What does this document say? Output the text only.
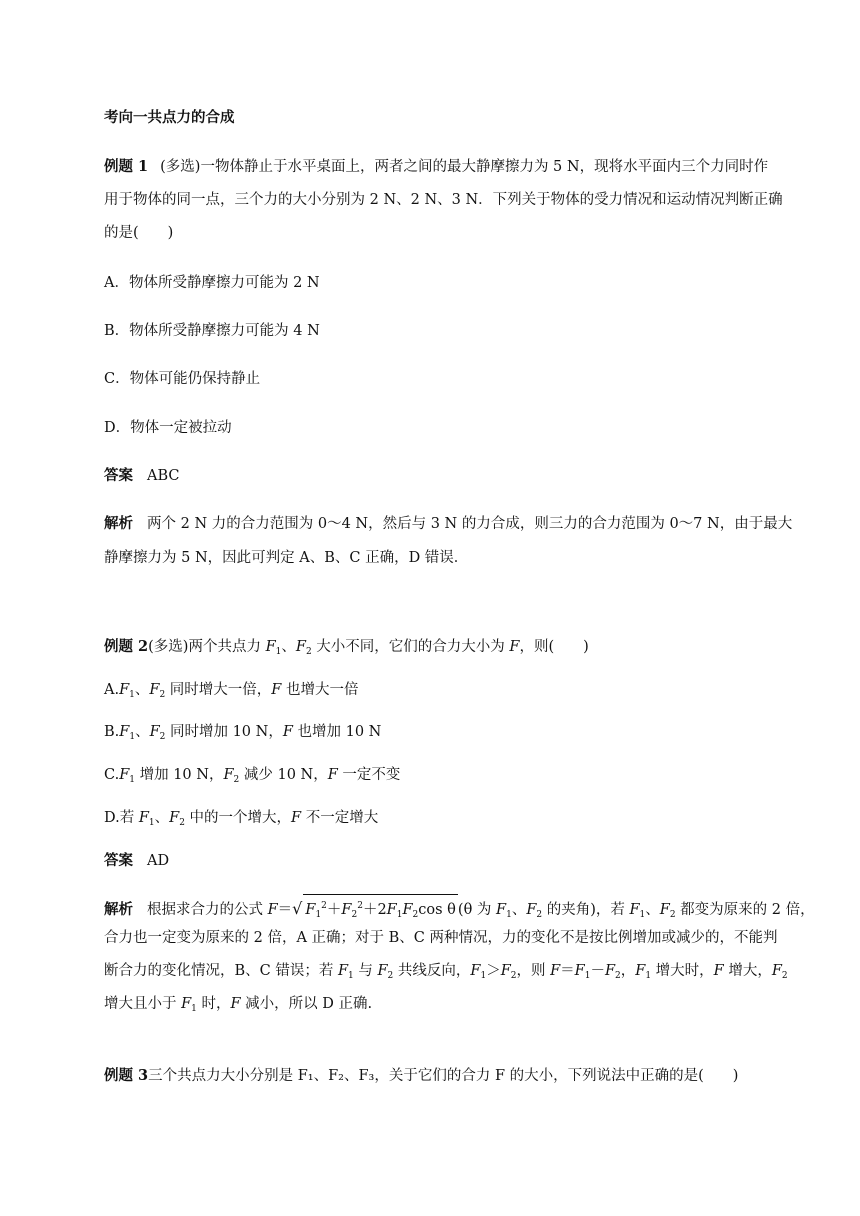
考向一共点力的合成
例题 1 (多选)一物体静止于水平桌面上，两者之间的最大静摩擦力为 5 N，现将水平面内三个力同时作
用于物体的同一点，三个力的大小分别为 2 N、2 N、3 N．下列关于物体的受力情况和运动情况判断正确
的是(　　)
A．物体所受静摩擦力可能为 2 N
B．物体所受静摩擦力可能为 4 N
C．物体可能仍保持静止
D．物体一定被拉动
答案 ABC
解析 两个 2 N 力的合力范围为 0～4 N，然后与 3 N 的力合成，则三力的合力范围为 0～7 N，由于最大
静摩擦力为 5 N，因此可判定 A、B、C 正确，D 错误．
例题 2(多选)两个共点力 $F_1$、$F_2$ 大小不同，它们的合力大小为 F，则(　　)
$A.F_1$、$F_2$ 同时增大一倍，F 也增大一倍
$B.F_1$、$F_2$ 同时增加 10 N，F 也增加 10 N
$C.F_1$ 增加 10 N，$F_2$ 减少 10 N，F 一定不变
D.若 $F_1$、$F_2$ 中的一个增大，F 不一定增大
答案 AD
解析 根据求合力的公式 F＝√ $F_1^2+F_2^2+2F_1F_2\cos$ θ (θ 为 $F_1$、$F_2$ 的夹角)，若 $F_1$、$F_2$ 都变为原来的 2 倍，
合力也一定变为原来的 2 倍，A 正确；对于 B、C 两种情况，力的变化不是按比例增加或减少的，不能判
断合力的变化情况，B、C 错误；若 $F_1$ 与 $F_2$ 共线反向，$F_1>F_2$，则 $F=F_1-F_2$，$F_1$ 增大时，F 增大，$F_2$
增大且小于 $F_1$ 时，F 减小，所以 D 正确.
例题 3三个共点力大小分别是 F₁、F₂、F₃，关于它们的合力 F 的大小，下列说法中正确的是(　　)
